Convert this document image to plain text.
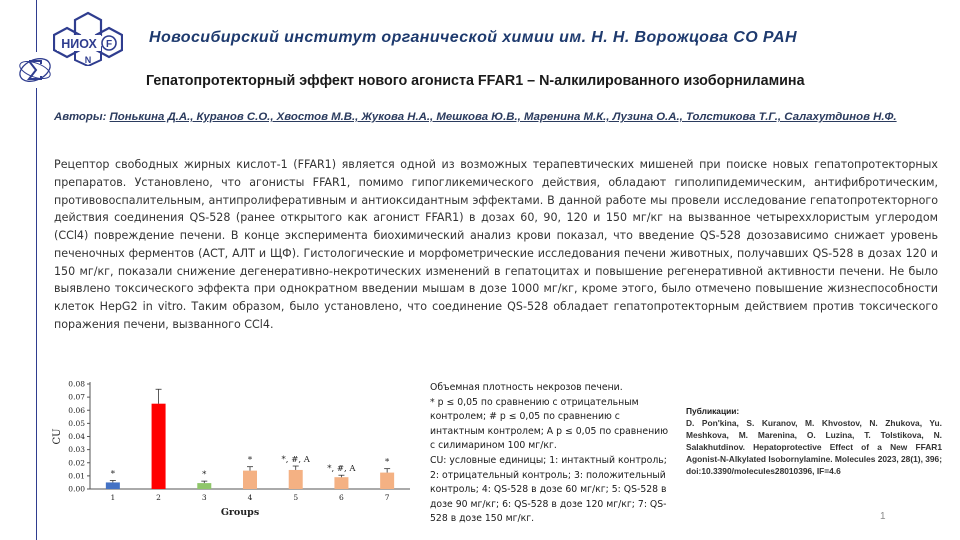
НИОХ F
N
Новосибирский институт органической химии им. Н. Н. Ворожцова СО РАН
Гепатопротекторный эффект нового агониста FFAR1 – N-алкилированного изоборниламина
Авторы: Понькина Д.А., Куранов С.О., Хвостов М.В., Жукова Н.А., Мешкова Ю.В., Маренина М.К., Лузина О.А., Толстикова Т.Г., Салахутдинов Н.Ф.

Рецептор свободных жирных кислот-1 (FFAR1) является одной из возможных терапевтических мишеней при поиске новых гепатопротекторных препаратов. Установлено, что агонисты FFAR1, помимо гипогликемического действия, обладают гиполипидемическим, антифибротическим, противовоспалительным, антипролиферативным и антиоксидантным эффектами. В данной работе мы провели исследование гепатопротекторного действия соединения QS-528 (ранее открытого как агонист FFAR1) в дозах 60, 90, 120 и 150 мг/кг на вызванное четыреххлористым углеродом (CCl4) повреждение печени. В конце эксперимента биохимический анализ крови показал, что введение QS-528 дозозависимо снижает уровень печеночных ферментов (АСТ, АЛТ и ЩФ). Гистологические и морфометрические исследования печени животных, получавших QS-528 в дозах 120 и 150 мг/кг, показали снижение дегенеративно-некротических изменений в гепатоцитах и повышение регенеративной активности печени. Не было выявлено токсического эффекта при однократном введении мышам в дозе 1000 мг/кг, кроме этого, было отмечено повышение жизнеспособности клеток HepG2 in vitro. Таким образом, было установлено, что соединение QS-528 обладает гепатопротекторным действием против токсического поражения печени, вызванного CCl4.

0.00
0.01
0.02
0.03
0.04
0.05
0.06
0.07
0.08
CU
*
1	2
*
3
*
4
*, #, A
5
*, #, A
6
*
7
Groups

Объемная плотность некрозов печени.
* р ≤ 0,05 по сравнению с отрицательным контролем; # р ≤ 0,05 по сравнению с интактным контролем; А р ≤ 0,05 по сравнению с силимарином 100 мг/кг.
CU: условные единицы; 1: интактный контроль; 2: отрицательный контроль; 3: положительный контроль; 4: QS-528 в дозе 60 мг/кг; 5: QS-528 в дозе 90 мг/кг; 6: QS-528 в дозе 120 мг/кг; 7: QS-528 в дозе 150 мг/кг.

Публикации:
D. Pon'kina, S. Kuranov, M. Khvostov, N. Zhukova, Yu. Meshkova, M. Marenina, O. Luzina, T. Tolstikova, N. Salakhutdinov. Hepatoprotective Effect of a New FFAR1 Agonist-N-Alkylated Isobornylamine. Molecules 2023, 28(1), 396; doi:10.3390/molecules28010396, IF=4.6
1
